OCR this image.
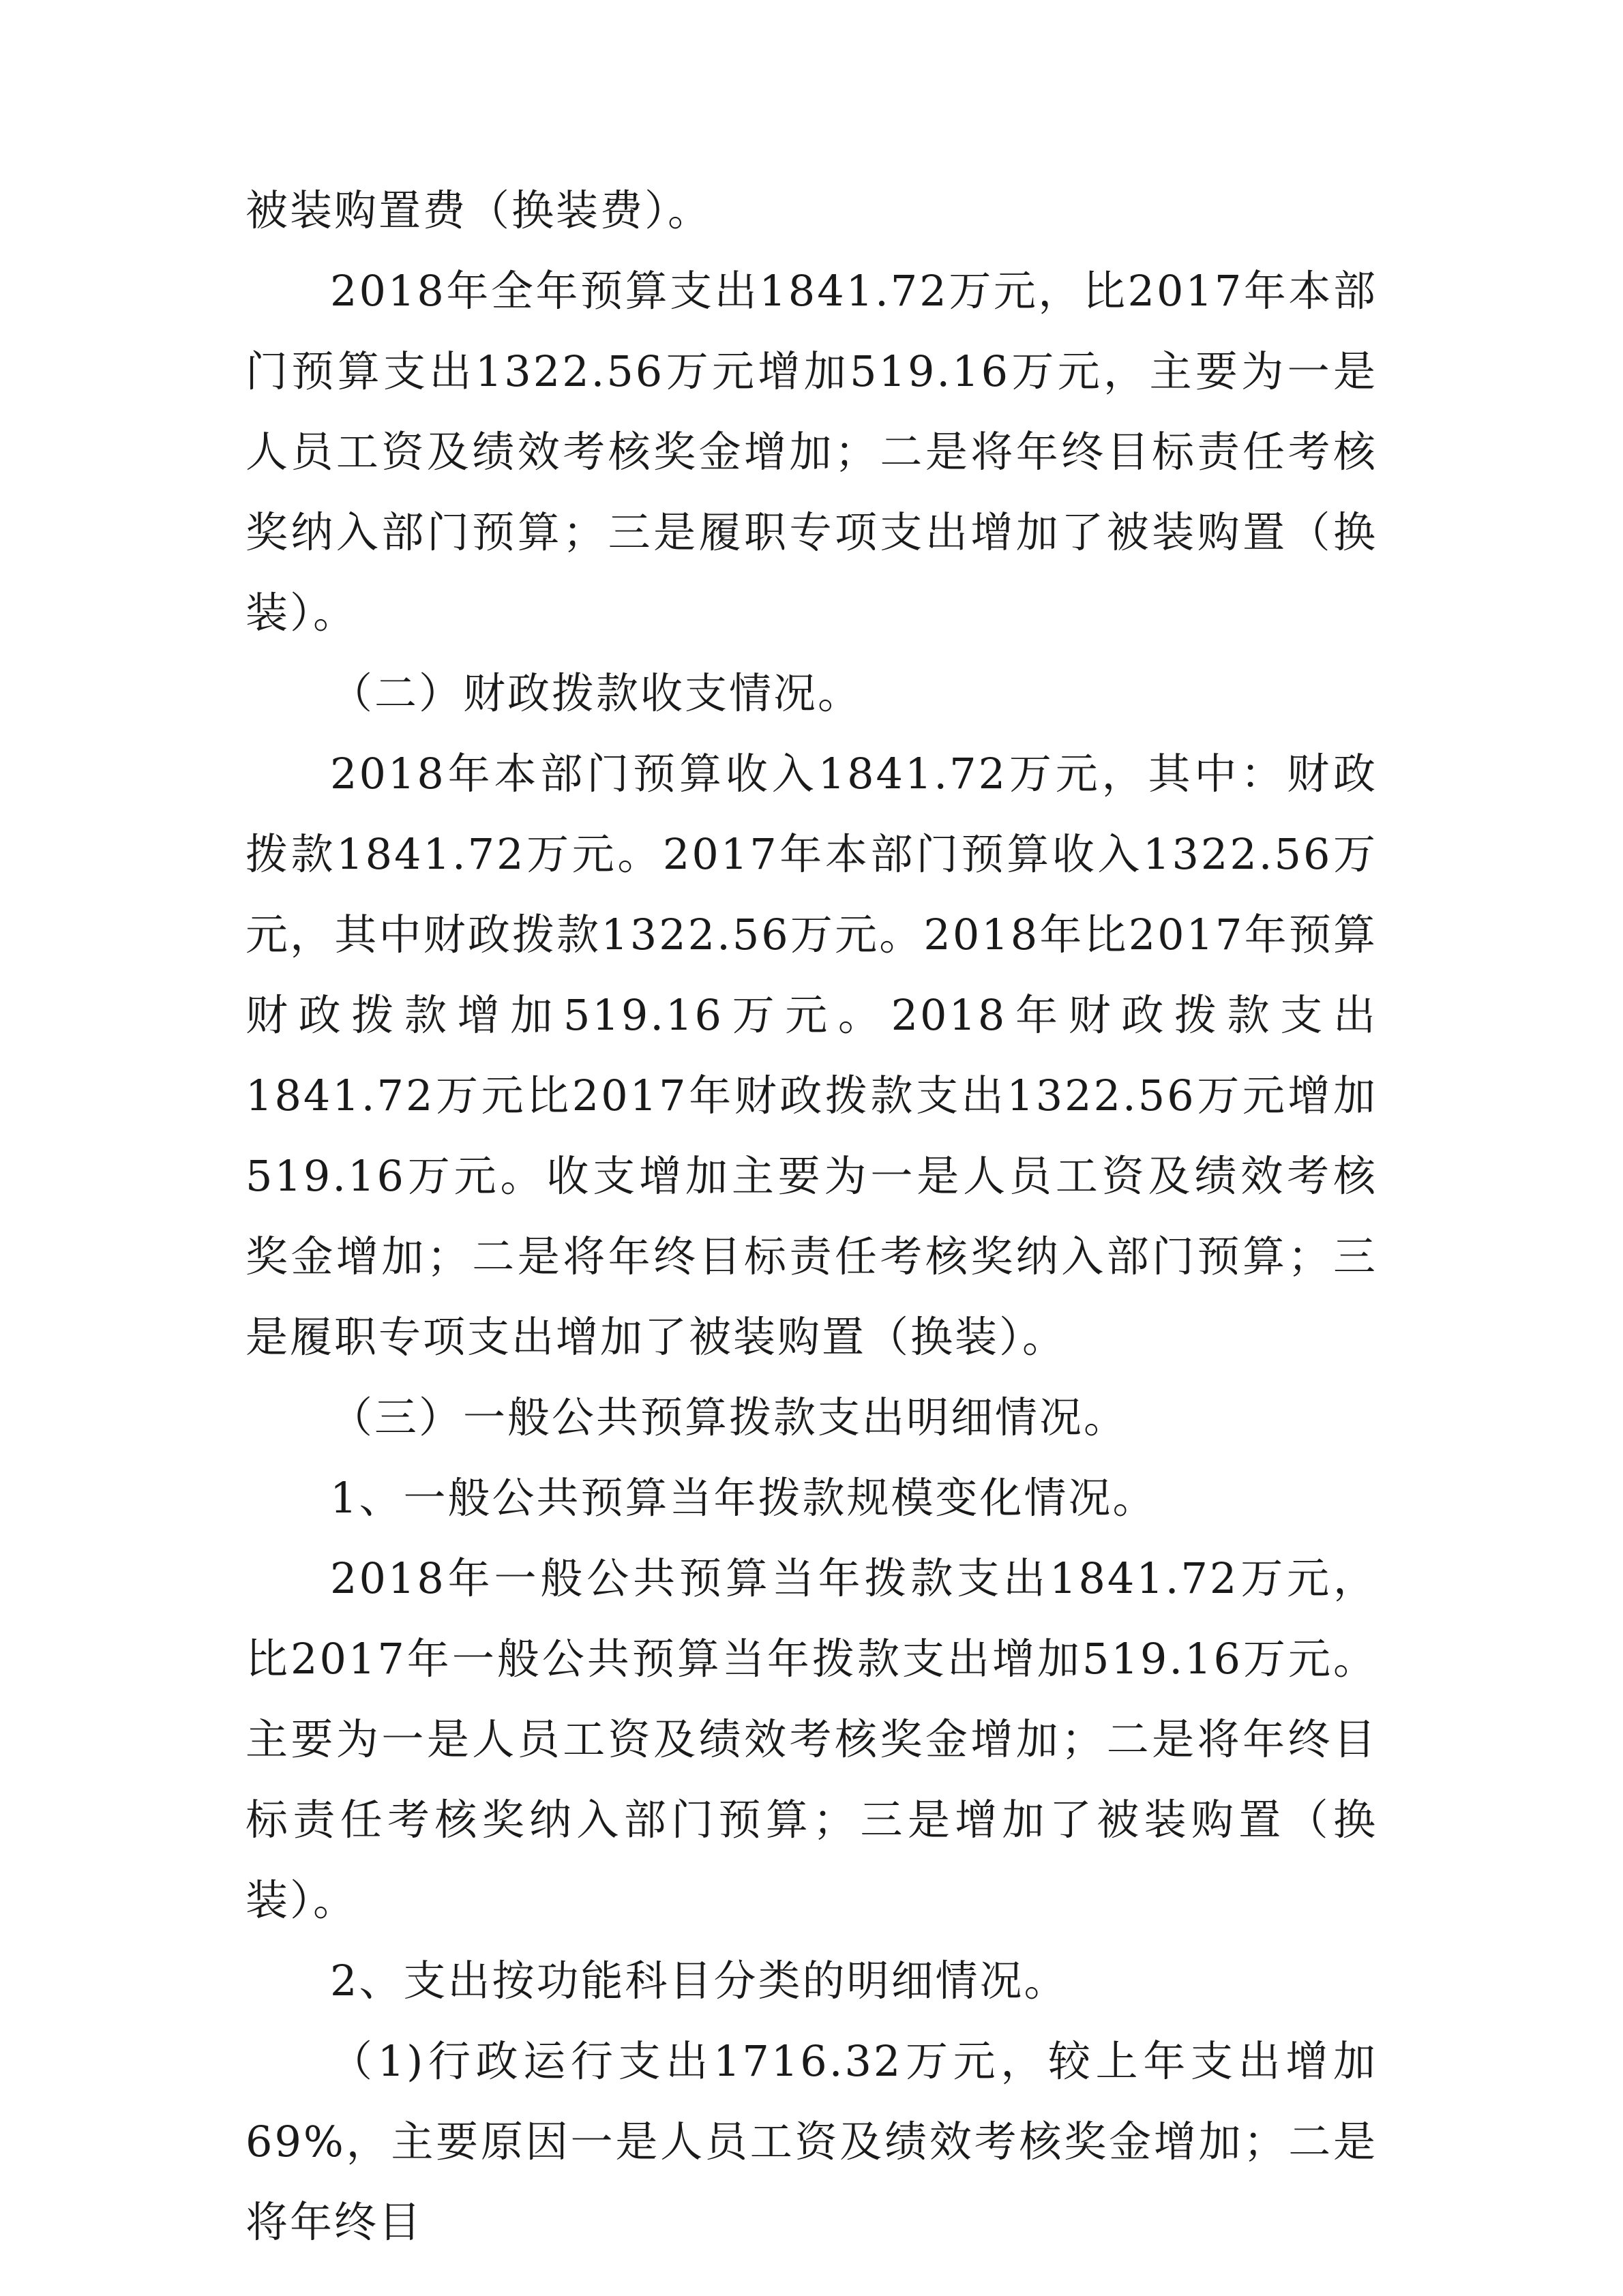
被装购置费（换装费）。

2018年全年预算支出1841.72万元，比2017年本部门预算支出1322.56万元增加519.16万元，主要为一是人员工资及绩效考核奖金增加；二是将年终目标责任考核奖纳入部门预算；三是履职专项支出增加了被装购置（换装）。

（二）财政拨款收支情况。

2018年本部门预算收入1841.72万元，其中：财政拨款1841.72万元。2017年本部门预算收入1322.56万元，其中财政拨款1322.56万元。2018年比2017年预算财政拨款增加519.16万元。2018年财政拨款支出1841.72万元比2017年财政拨款支出1322.56万元增加519.16万元。收支增加主要为一是人员工资及绩效考核奖金增加；二是将年终目标责任考核奖纳入部门预算；三是履职专项支出增加了被装购置（换装）。

（三）一般公共预算拨款支出明细情况。

1、一般公共预算当年拨款规模变化情况。

2018年一般公共预算当年拨款支出1841.72万元，比2017年一般公共预算当年拨款支出增加519.16万元。主要为一是人员工资及绩效考核奖金增加；二是将年终目标责任考核奖纳入部门预算；三是增加了被装购置（换装）。

2、支出按功能科目分类的明细情况。

（1)行政运行支出1716.32万元，较上年支出增加69%，主要原因一是人员工资及绩效考核奖金增加；二是将年终目
